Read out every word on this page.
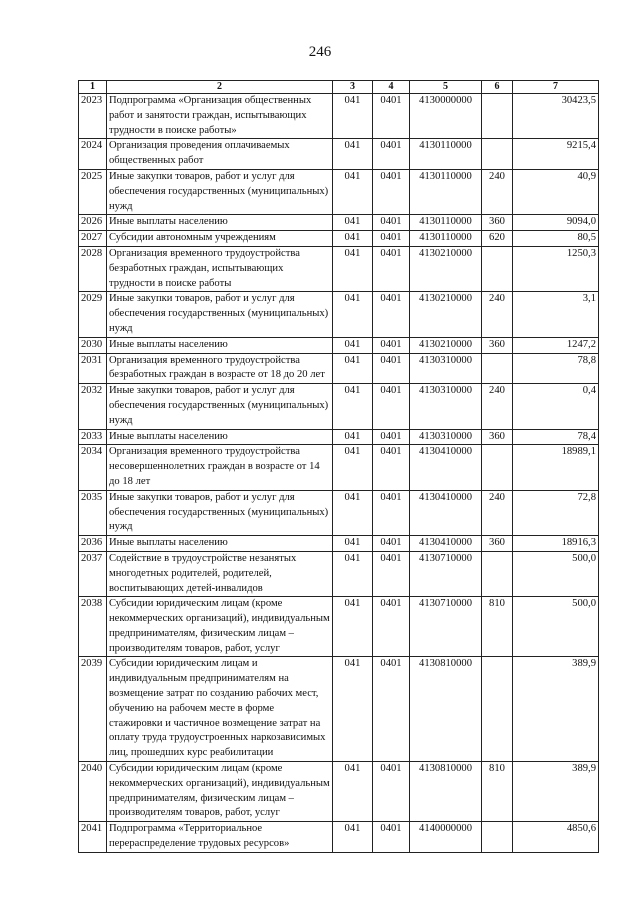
246
1	2	3	4	5	6	7
2023	Подпрограмма «Организация общественных работ и занятости граждан, испытывающих трудности в поиске работы»	041	0401	4130000000		30423,5
2024	Организация проведения оплачиваемых общественных работ	041	0401	4130110000		9215,4
2025	Иные закупки товаров, работ и услуг для обеспечения государственных (муниципальных) нужд	041	0401	4130110000	240	40,9
2026	Иные выплаты населению	041	0401	4130110000	360	9094,0
2027	Субсидии автономным учреждениям	041	0401	4130110000	620	80,5
2028	Организация временного трудоустройства безработных граждан, испытывающих трудности в поиске работы	041	0401	4130210000		1250,3
2029	Иные закупки товаров, работ и услуг для обеспечения государственных (муниципальных) нужд	041	0401	4130210000	240	3,1
2030	Иные выплаты населению	041	0401	4130210000	360	1247,2
2031	Организация временного трудоустройства безработных граждан в возрасте от 18 до 20 лет	041	0401	4130310000		78,8
2032	Иные закупки товаров, работ и услуг для обеспечения государственных (муниципальных) нужд	041	0401	4130310000	240	0,4
2033	Иные выплаты населению	041	0401	4130310000	360	78,4
2034	Организация временного трудоустройства несовершеннолетних граждан в возрасте от 14 до 18 лет	041	0401	4130410000		18989,1
2035	Иные закупки товаров, работ и услуг для обеспечения государственных (муниципальных) нужд	041	0401	4130410000	240	72,8
2036	Иные выплаты населению	041	0401	4130410000	360	18916,3
2037	Содействие в трудоустройстве незанятых многодетных родителей, родителей, воспитывающих детей-инвалидов	041	0401	4130710000		500,0
2038	Субсидии юридическим лицам (кроме некоммерческих организаций), индивидуальным предпринимателям, физическим лицам – производителям товаров, работ, услуг	041	0401	4130710000	810	500,0
2039	Субсидии юридическим лицам и индивидуальным предпринимателям на возмещение затрат по созданию рабочих мест, обучению на рабочем месте в форме стажировки и частичное возмещение затрат на оплату труда трудоустроенных наркозависимых лиц, прошедших курс реабилитации	041	0401	4130810000		389,9
2040	Субсидии юридическим лицам (кроме некоммерческих организаций), индивидуальным предпринимателям, физическим лицам – производителям товаров, работ, услуг	041	0401	4130810000	810	389,9
2041	Подпрограмма «Территориальное перераспределение трудовых ресурсов»	041	0401	4140000000		4850,6
